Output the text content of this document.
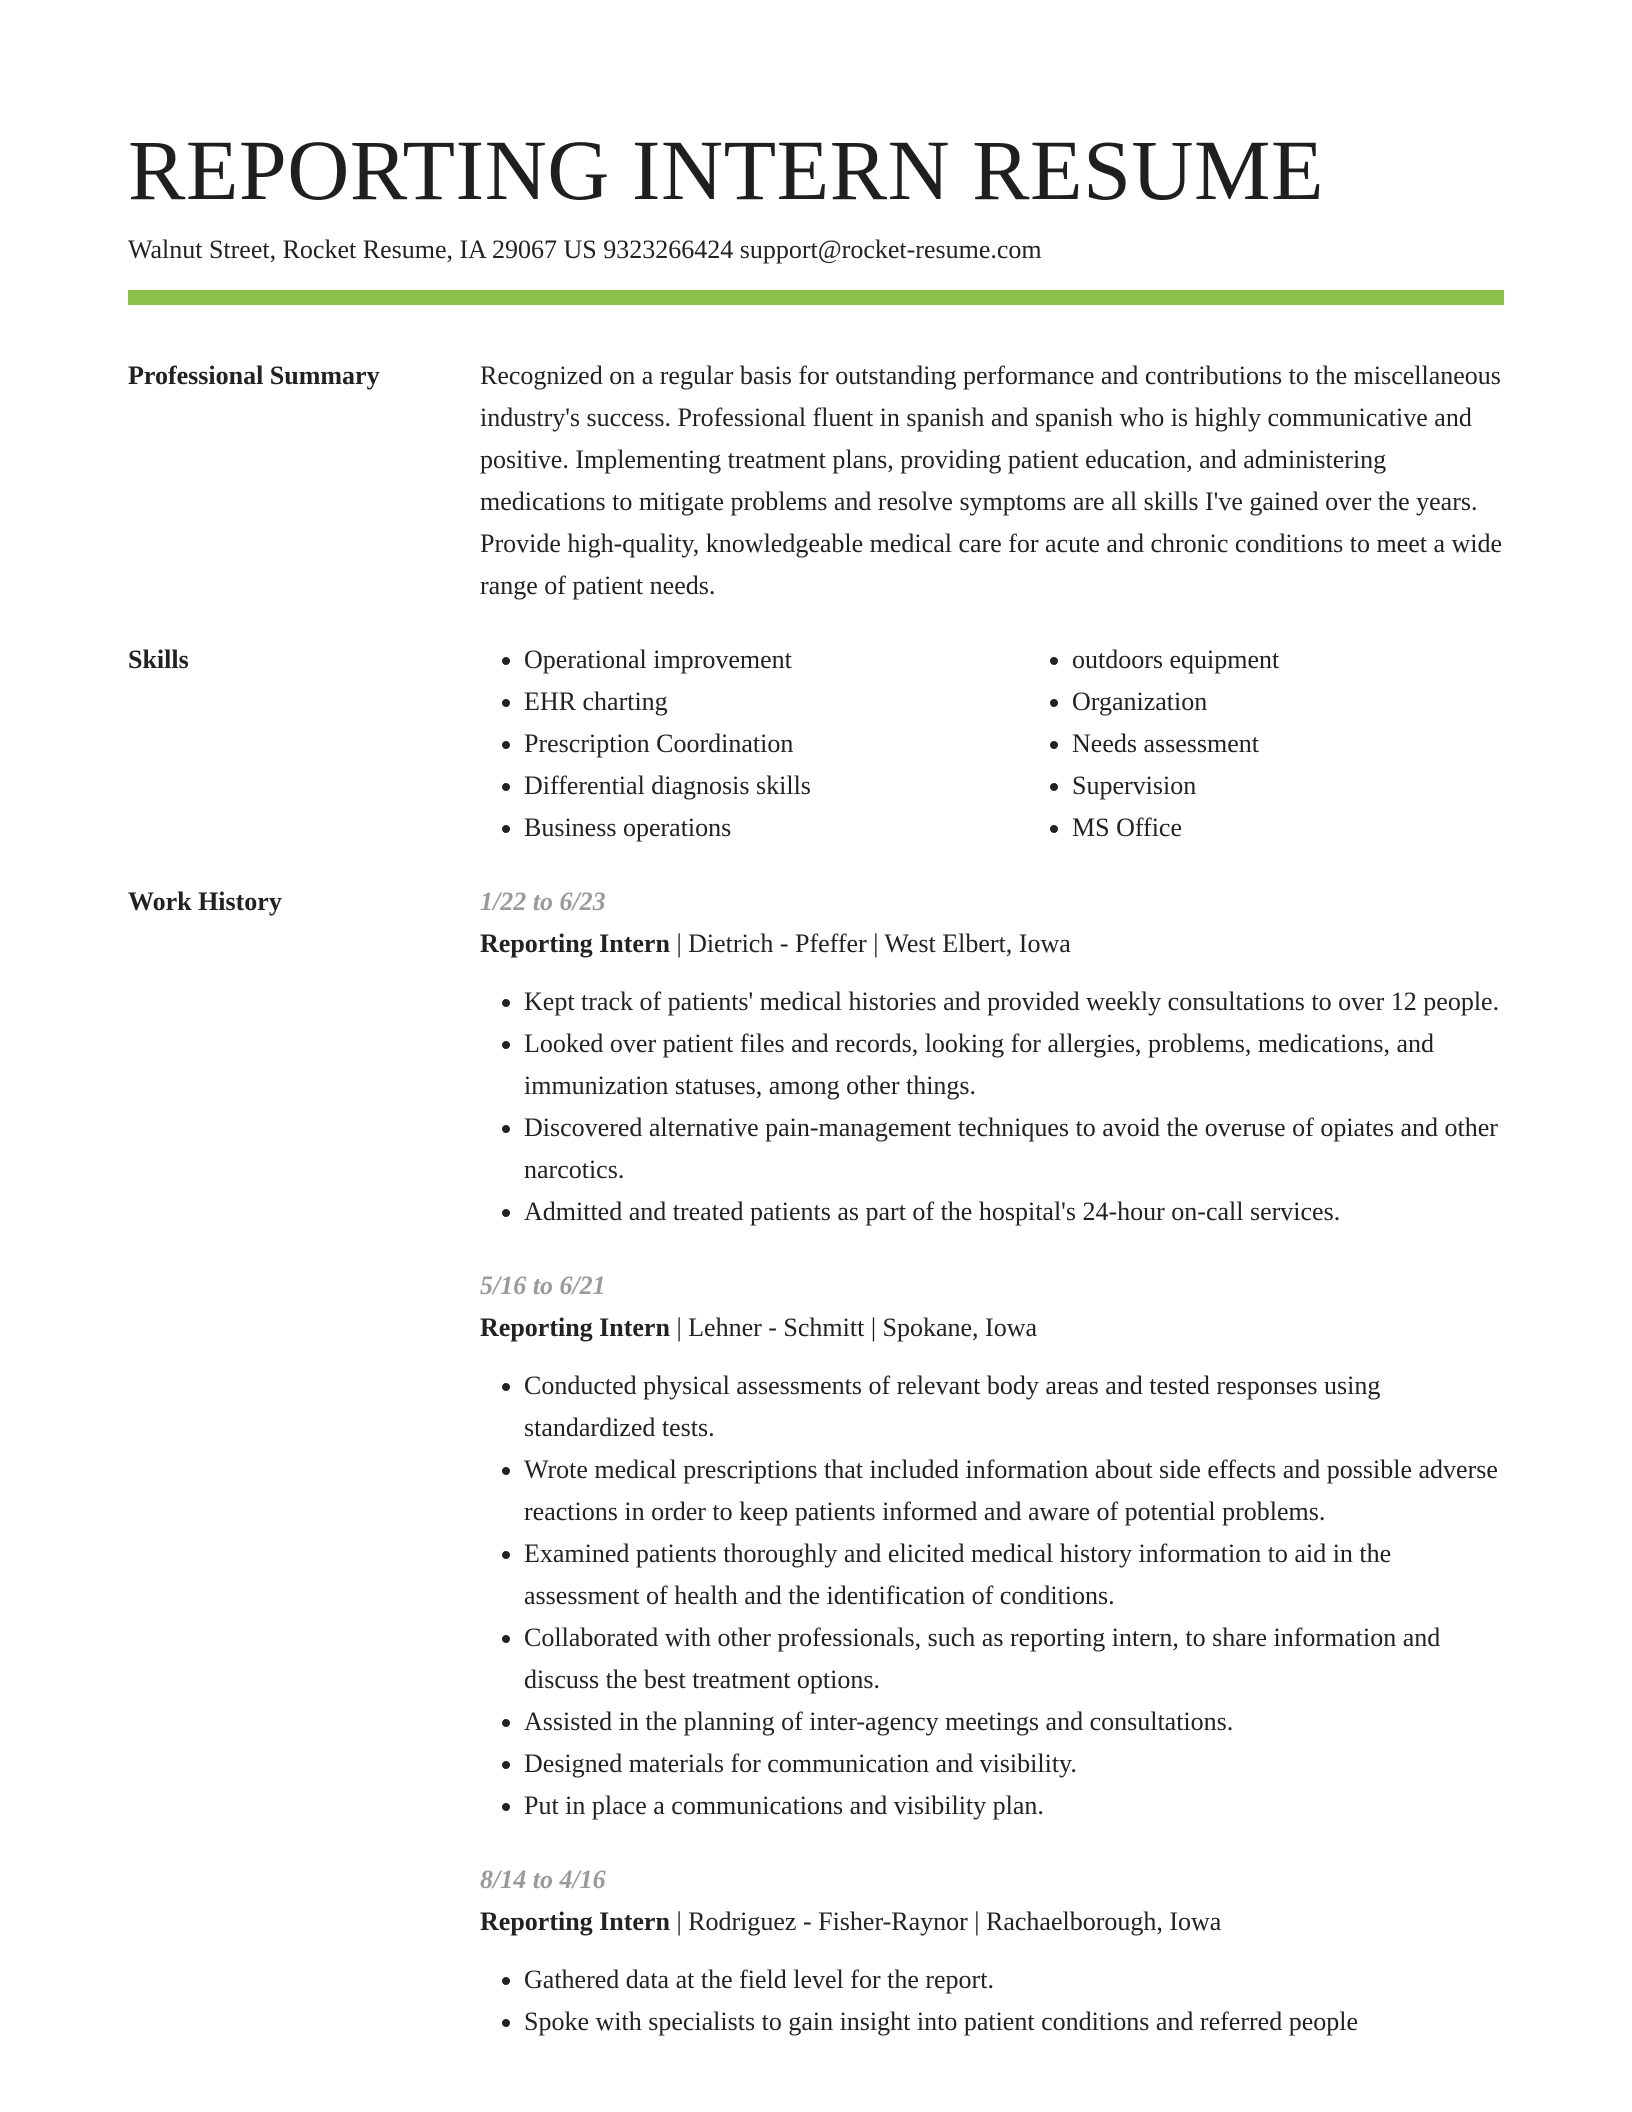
REPORTING INTERN RESUME
Walnut Street, Rocket Resume, IA 29067 US 9323266424 support@rocket-resume.com
Professional Summary	Recognized on a regular basis for outstanding performance and contributions to the miscellaneous industry's success. Professional fluent in spanish and spanish who is highly communicative and positive. Implementing treatment plans, providing patient education, and administering medications to mitigate problems and resolve symptoms are all skills I've gained over the years. Provide high-quality, knowledgeable medical care for acute and chronic conditions to meet a wide range of patient needs.
Skills
•	Operational improvement
• EHR charting
• Prescription Coordination
• Differential diagnosis skills
• Business operations
• outdoors equipment
• Organization
• Needs assessment
• Supervision
• MS Office
Work History	1/22 to 6/23
Reporting Intern | Dietrich - Pfeffer | West Elbert, Iowa
• Kept track of patients' medical histories and provided weekly consultations to over 12 people.
• Looked over patient files and records, looking for allergies, problems, medications, and immunization statuses, among other things.
• Discovered alternative pain-management techniques to avoid the overuse of opiates and other narcotics.
• Admitted and treated patients as part of the hospital's 24-hour on-call services.
5/16 to 6/21
Reporting Intern | Lehner - Schmitt | Spokane, Iowa
• Conducted physical assessments of relevant body areas and tested responses using standardized tests.
• Wrote medical prescriptions that included information about side effects and possible adverse reactions in order to keep patients informed and aware of potential problems.
• Examined patients thoroughly and elicited medical history information to aid in the assessment of health and the identification of conditions.
• Collaborated with other professionals, such as reporting intern, to share information and discuss the best treatment options.
• Assisted in the planning of inter-agency meetings and consultations.
• Designed materials for communication and visibility.
• Put in place a communications and visibility plan.
8/14 to 4/16
Reporting Intern | Rodriguez - Fisher-Raynor | Rachaelborough, Iowa
• Gathered data at the field level for the report.
• Spoke with specialists to gain insight into patient conditions and referred people
